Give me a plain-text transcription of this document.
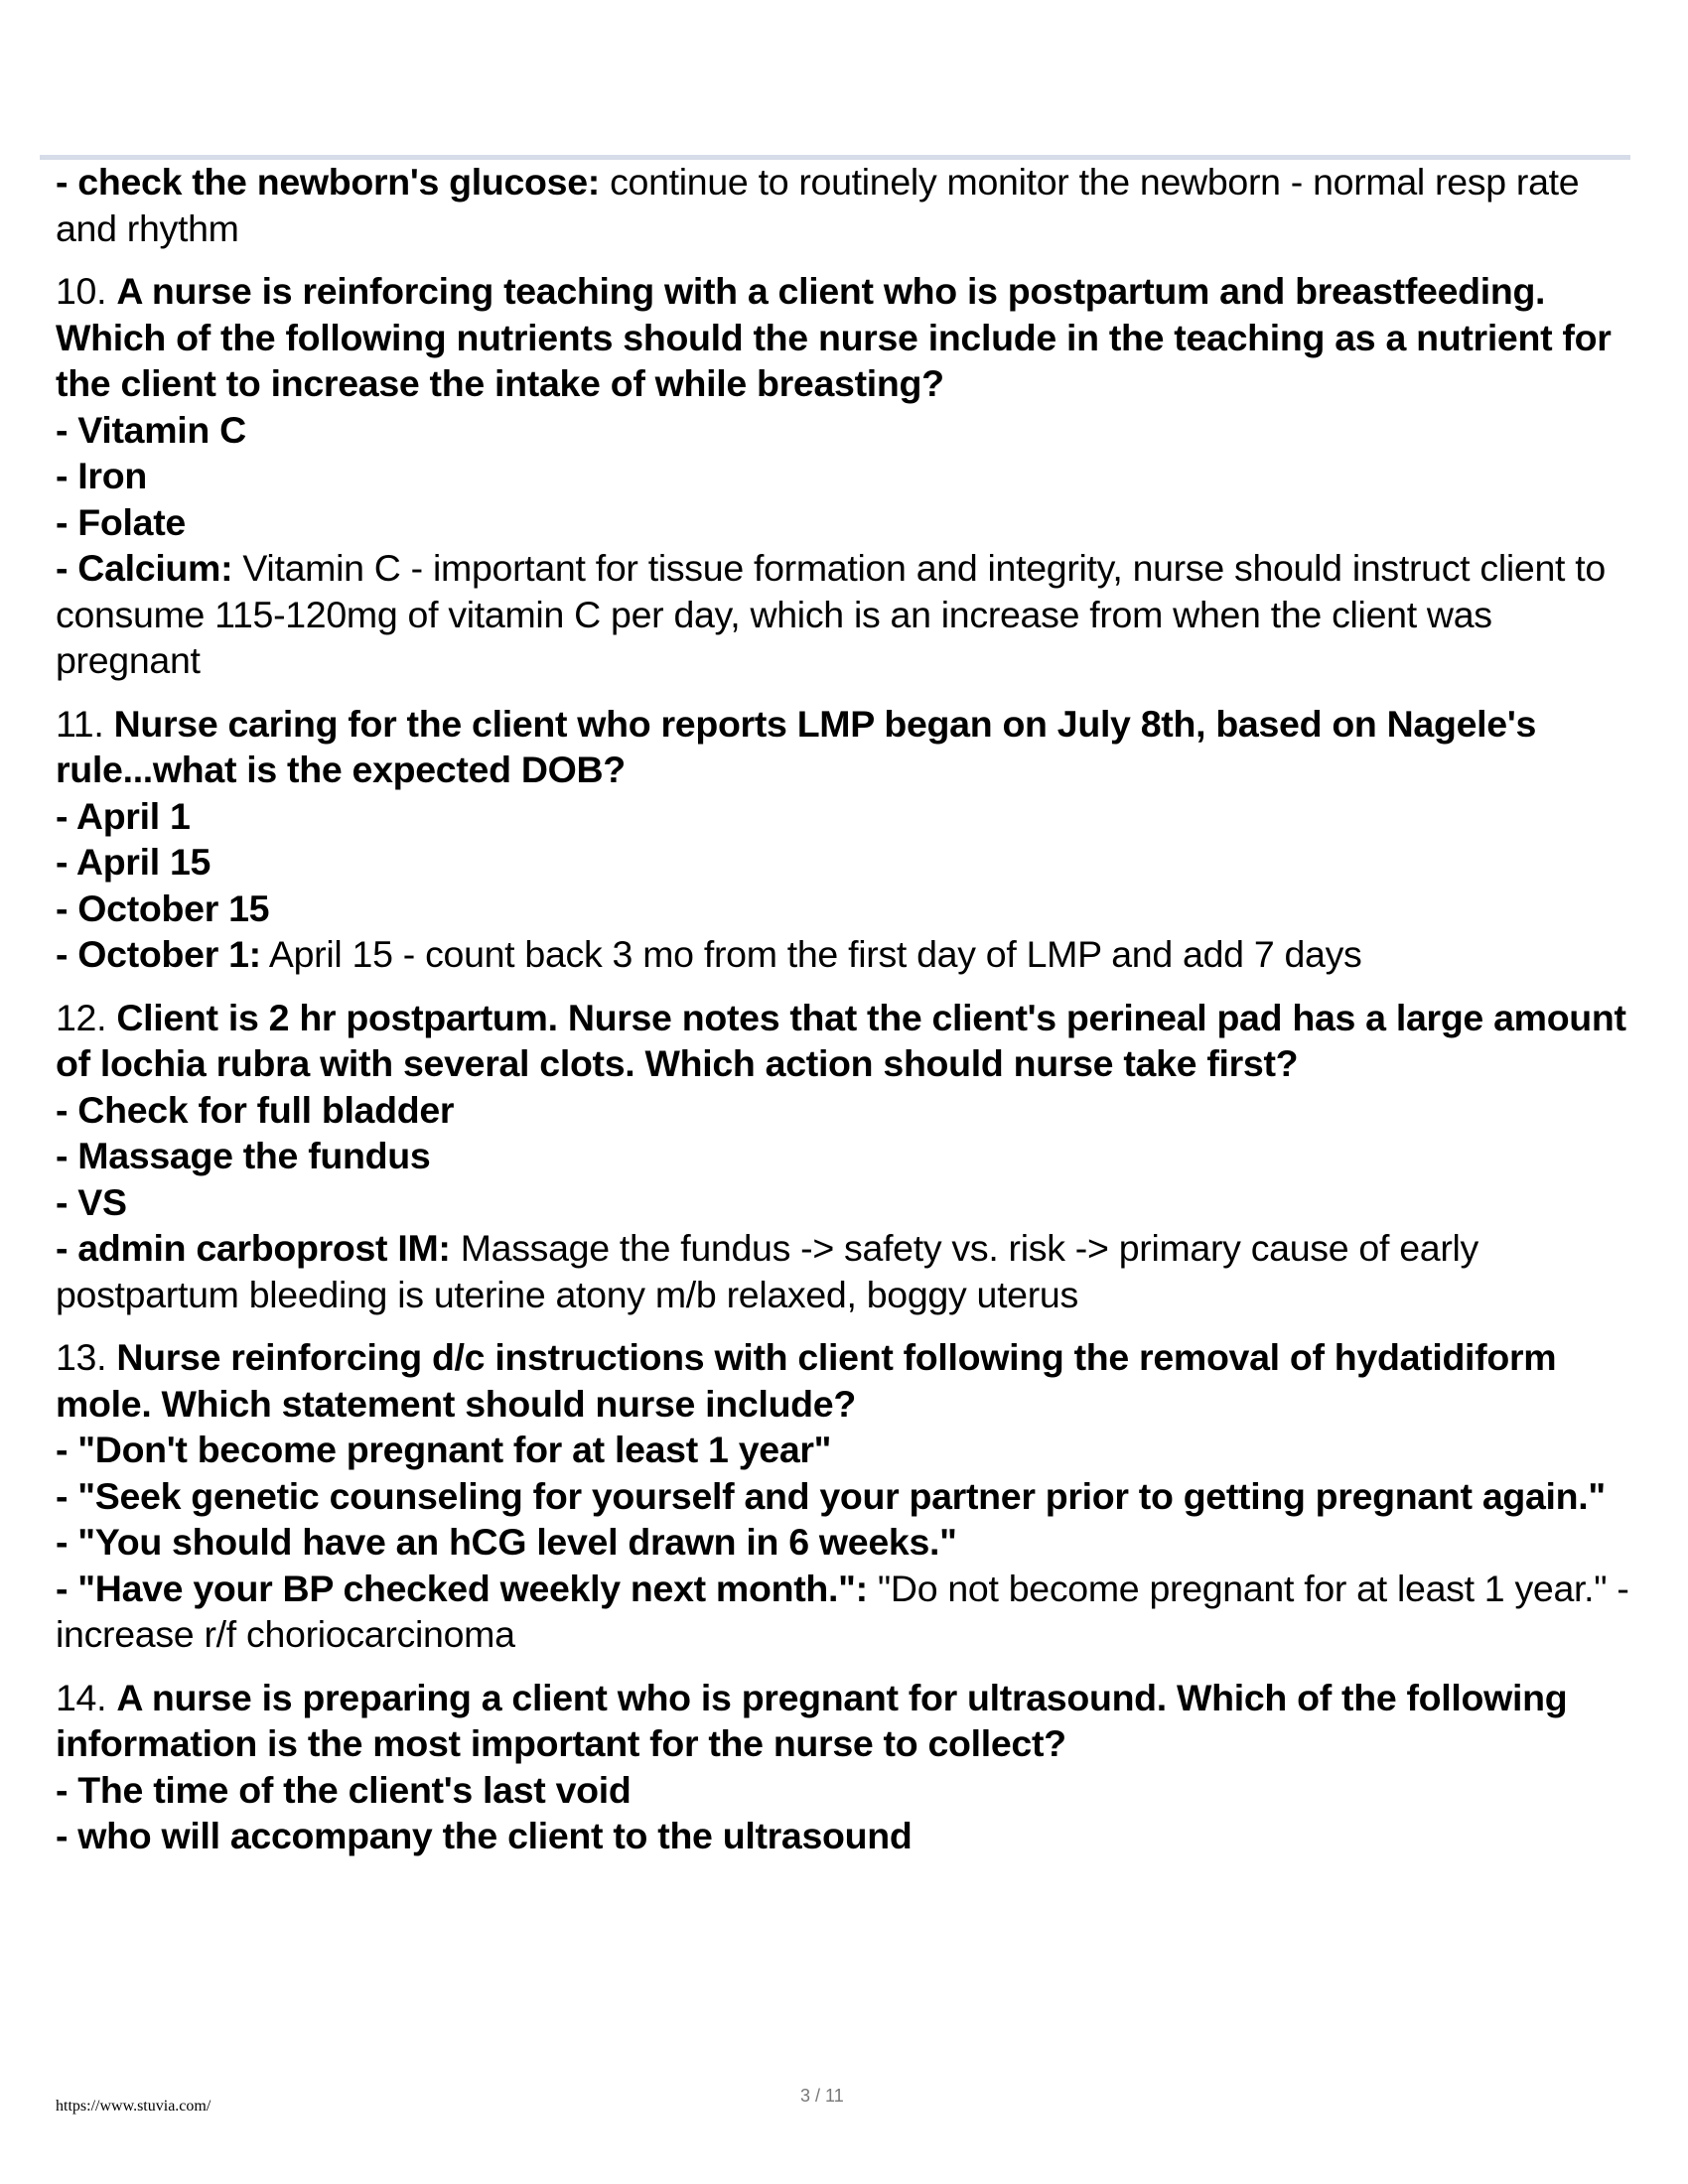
- check the newborn's glucose: continue to routinely monitor the newborn - normal resp rate and rhythm
10. A nurse is reinforcing teaching with a client who is postpartum and breastfeeding. Which of the following nutrients should the nurse include in the teaching as a nutrient for the client to increase the intake of while breasting?
- Vitamin C
- Iron
- Folate
- Calcium: Vitamin C - important for tissue formation and integrity, nurse should instruct client to consume 115-120mg of vitamin C per day, which is an increase from when the client was pregnant
11. Nurse caring for the client who reports LMP began on July 8th, based on Nagele's rule...what is the expected DOB?
- April 1
- April 15
- October 15
- October 1: April 15 - count back 3 mo from the first day of LMP and add 7 days
12. Client is 2 hr postpartum. Nurse notes that the client's perineal pad has a large amount of lochia rubra with several clots. Which action should nurse take first?
- Check for full bladder
- Massage the fundus
- VS
- admin carboprost IM: Massage the fundus -> safety vs. risk -> primary cause of early postpartum bleeding is uterine atony m/b relaxed, boggy uterus
13. Nurse reinforcing d/c instructions with client following the removal of hydatidiform mole. Which statement should nurse include?
- "Don't become pregnant for at least 1 year"
- "Seek genetic counseling for yourself and your partner prior to getting pregnant again."
- "You should have an hCG level drawn in 6 weeks."
- "Have your BP checked weekly next month.": "Do not become pregnant for at least 1 year." - increase r/f choriocarcinoma
14. A nurse is preparing a client who is pregnant for ultrasound. Which of the following information is the most important for the nurse to collect?
- The time of the client's last void
- who will accompany the client to the ultrasound
https://www.stuvia.com/
3 / 11
